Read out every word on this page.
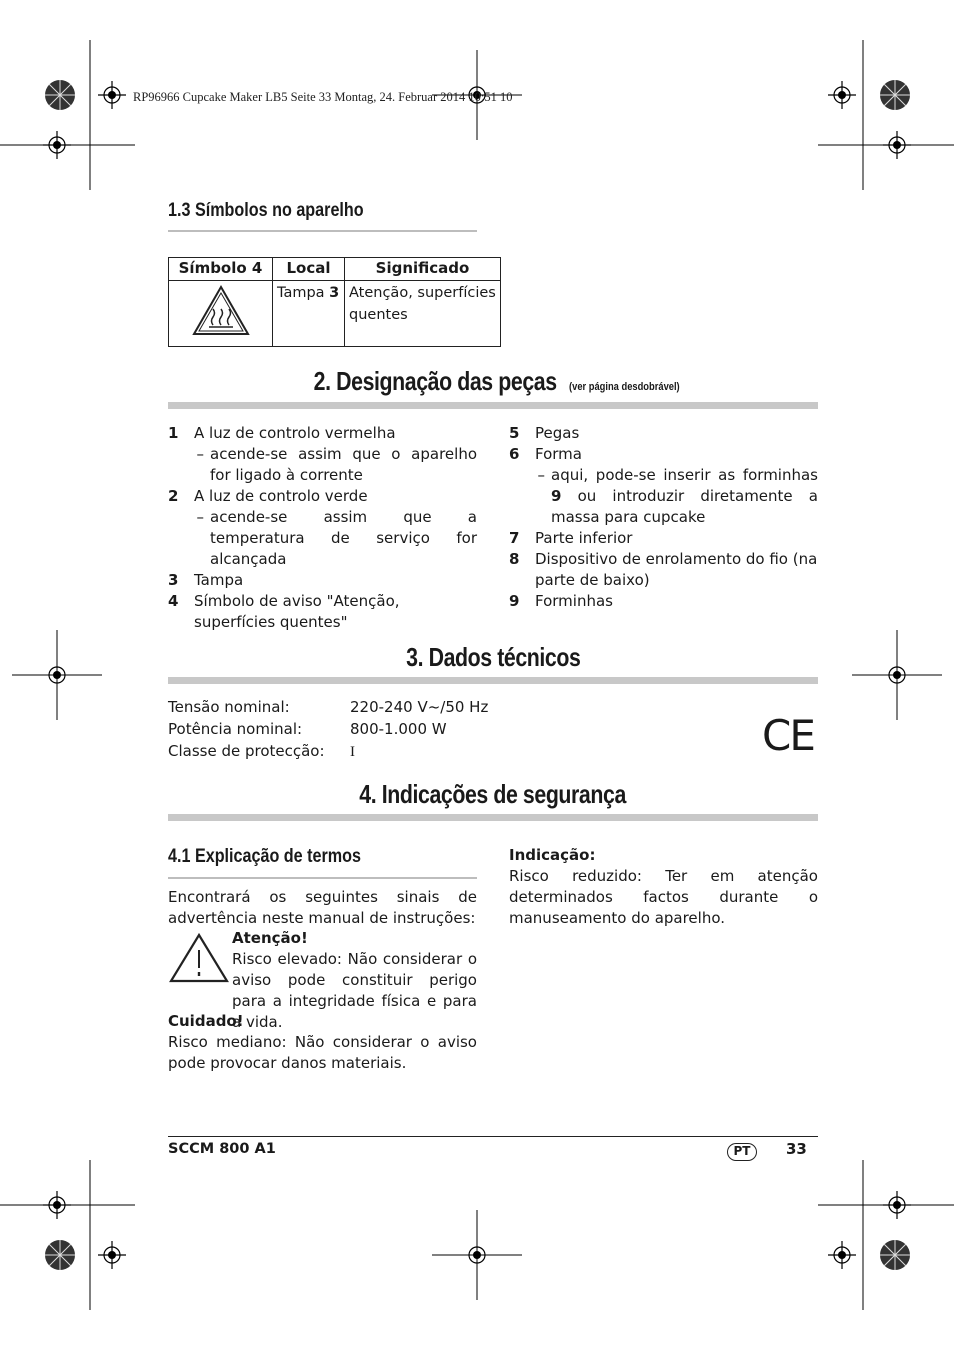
RP96966 Cupcake Maker LB5 Seite 33 Montag, 24. Februar 2014 10:51 10
1.3 Símbolos no aparelho
Símbolo 4	Local	Significado
	Tampa 3	Atenção, superfícies quentes
2. Designação das peças (ver página desdobrável)
1	A luz de controlo vermelha
– acende-se assim que o aparelho for ligado à corrente
2	A luz de controlo verde
– acende-se assim que a temperatura de serviço for alcançada
3	Tampa
4	Símbolo de aviso "Atenção, superfícies quentes"
5	Pegas
6	Forma
– aqui, pode-se inserir as forminhas 9 ou introduzir diretamente a massa para cupcake
7	Parte inferior
8	Dispositivo de enrolamento do fio (na parte de baixo)
9	Forminhas
3. Dados técnicos
Tensão nominal:	220-240 V~/50 Hz
Potência nominal:	800-1.000 W
Classe de protecção: I	CE
4. Indicações de segurança
4.1 Explicação de termos
Encontrará os seguintes sinais de advertência neste manual de instruções:
Atenção!
Risco elevado: Não considerar o aviso pode constituir perigo para a integridade física e para a vida.
Cuidado!
Risco mediano: Não considerar o aviso pode provocar danos materiais.
Indicação:
Risco reduzido: Ter em atenção determinados factos durante o manuseamento do aparelho.
SCCM 800 A1	PT	33
